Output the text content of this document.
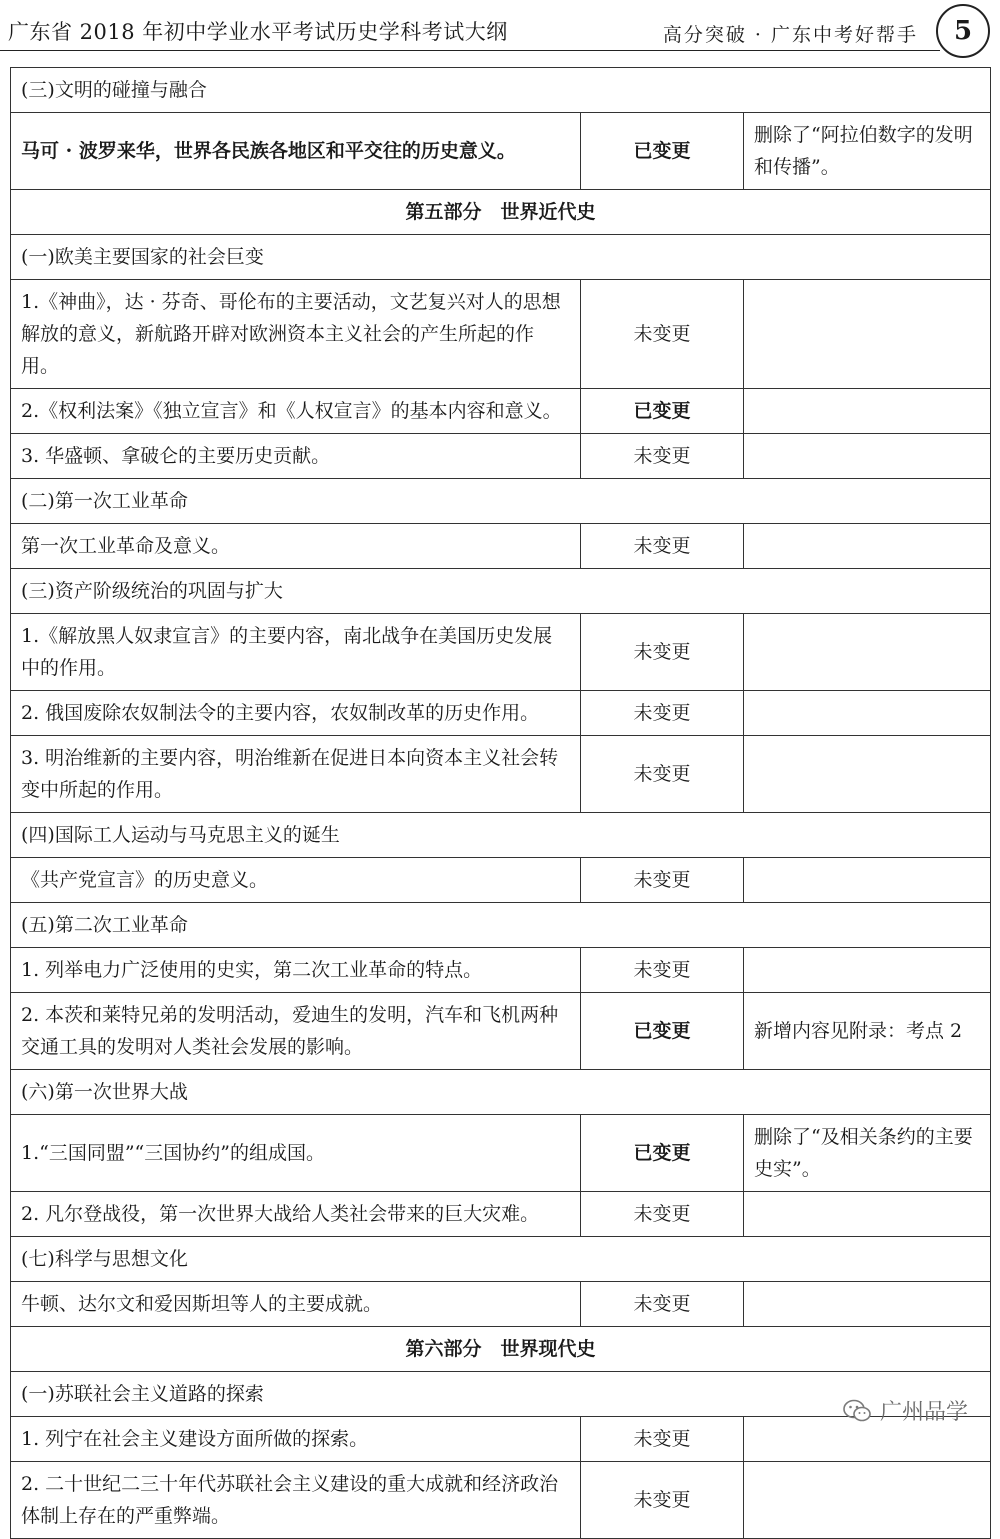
广东省 2018 年初中学业水平考试历史学科考试大纲	高分突破 · 广东中考好帮手	5
(三)文明的碰撞与融合		
马可 · 波罗来华，世界各民族各地区和平交往的历史意义。	已变更	删除了“阿拉伯数字的发明和传播”。
第五部分　世界近代史		
(一)欧美主要国家的社会巨变		
1.《神曲》，达 · 芬奇、哥伦布的主要活动，文艺复兴对人的思想解放的意义，新航路开辟对欧洲资本主义社会的产生所起的作用。	未变更	
2.《权利法案》《独立宣言》和《人权宣言》的基本内容和意义。	已变更	
3. 华盛顿、拿破仑的主要历史贡献。	未变更	
(二)第一次工业革命		
第一次工业革命及意义。	未变更	
(三)资产阶级统治的巩固与扩大		
1.《解放黑人奴隶宣言》的主要内容，南北战争在美国历史发展中的作用。	未变更	
2. 俄国废除农奴制法令的主要内容，农奴制改革的历史作用。	未变更	
3. 明治维新的主要内容，明治维新在促进日本向资本主义社会转变中所起的作用。	未变更	
(四)国际工人运动与马克思主义的诞生		
《共产党宣言》的历史意义。	未变更	
(五)第二次工业革命		
1. 列举电力广泛使用的史实，第二次工业革命的特点。	未变更	
2. 本茨和莱特兄弟的发明活动，爱迪生的发明，汽车和飞机两种交通工具的发明对人类社会发展的影响。	已变更	新增内容见附录：考点 2
(六)第一次世界大战		
1.“三国同盟”“三国协约”的组成国。	已变更	删除了“及相关条约的主要史实”。
2. 凡尔登战役，第一次世界大战给人类社会带来的巨大灾难。	未变更	
(七)科学与思想文化		
牛顿、达尔文和爱因斯坦等人的主要成就。	未变更	
第六部分　世界现代史		
(一)苏联社会主义道路的探索		
1. 列宁在社会主义建设方面所做的探索。	未变更	
2. 二十世纪二三十年代苏联社会主义建设的重大成就和经济政治体制上存在的严重弊端。	未变更	
广州品学
